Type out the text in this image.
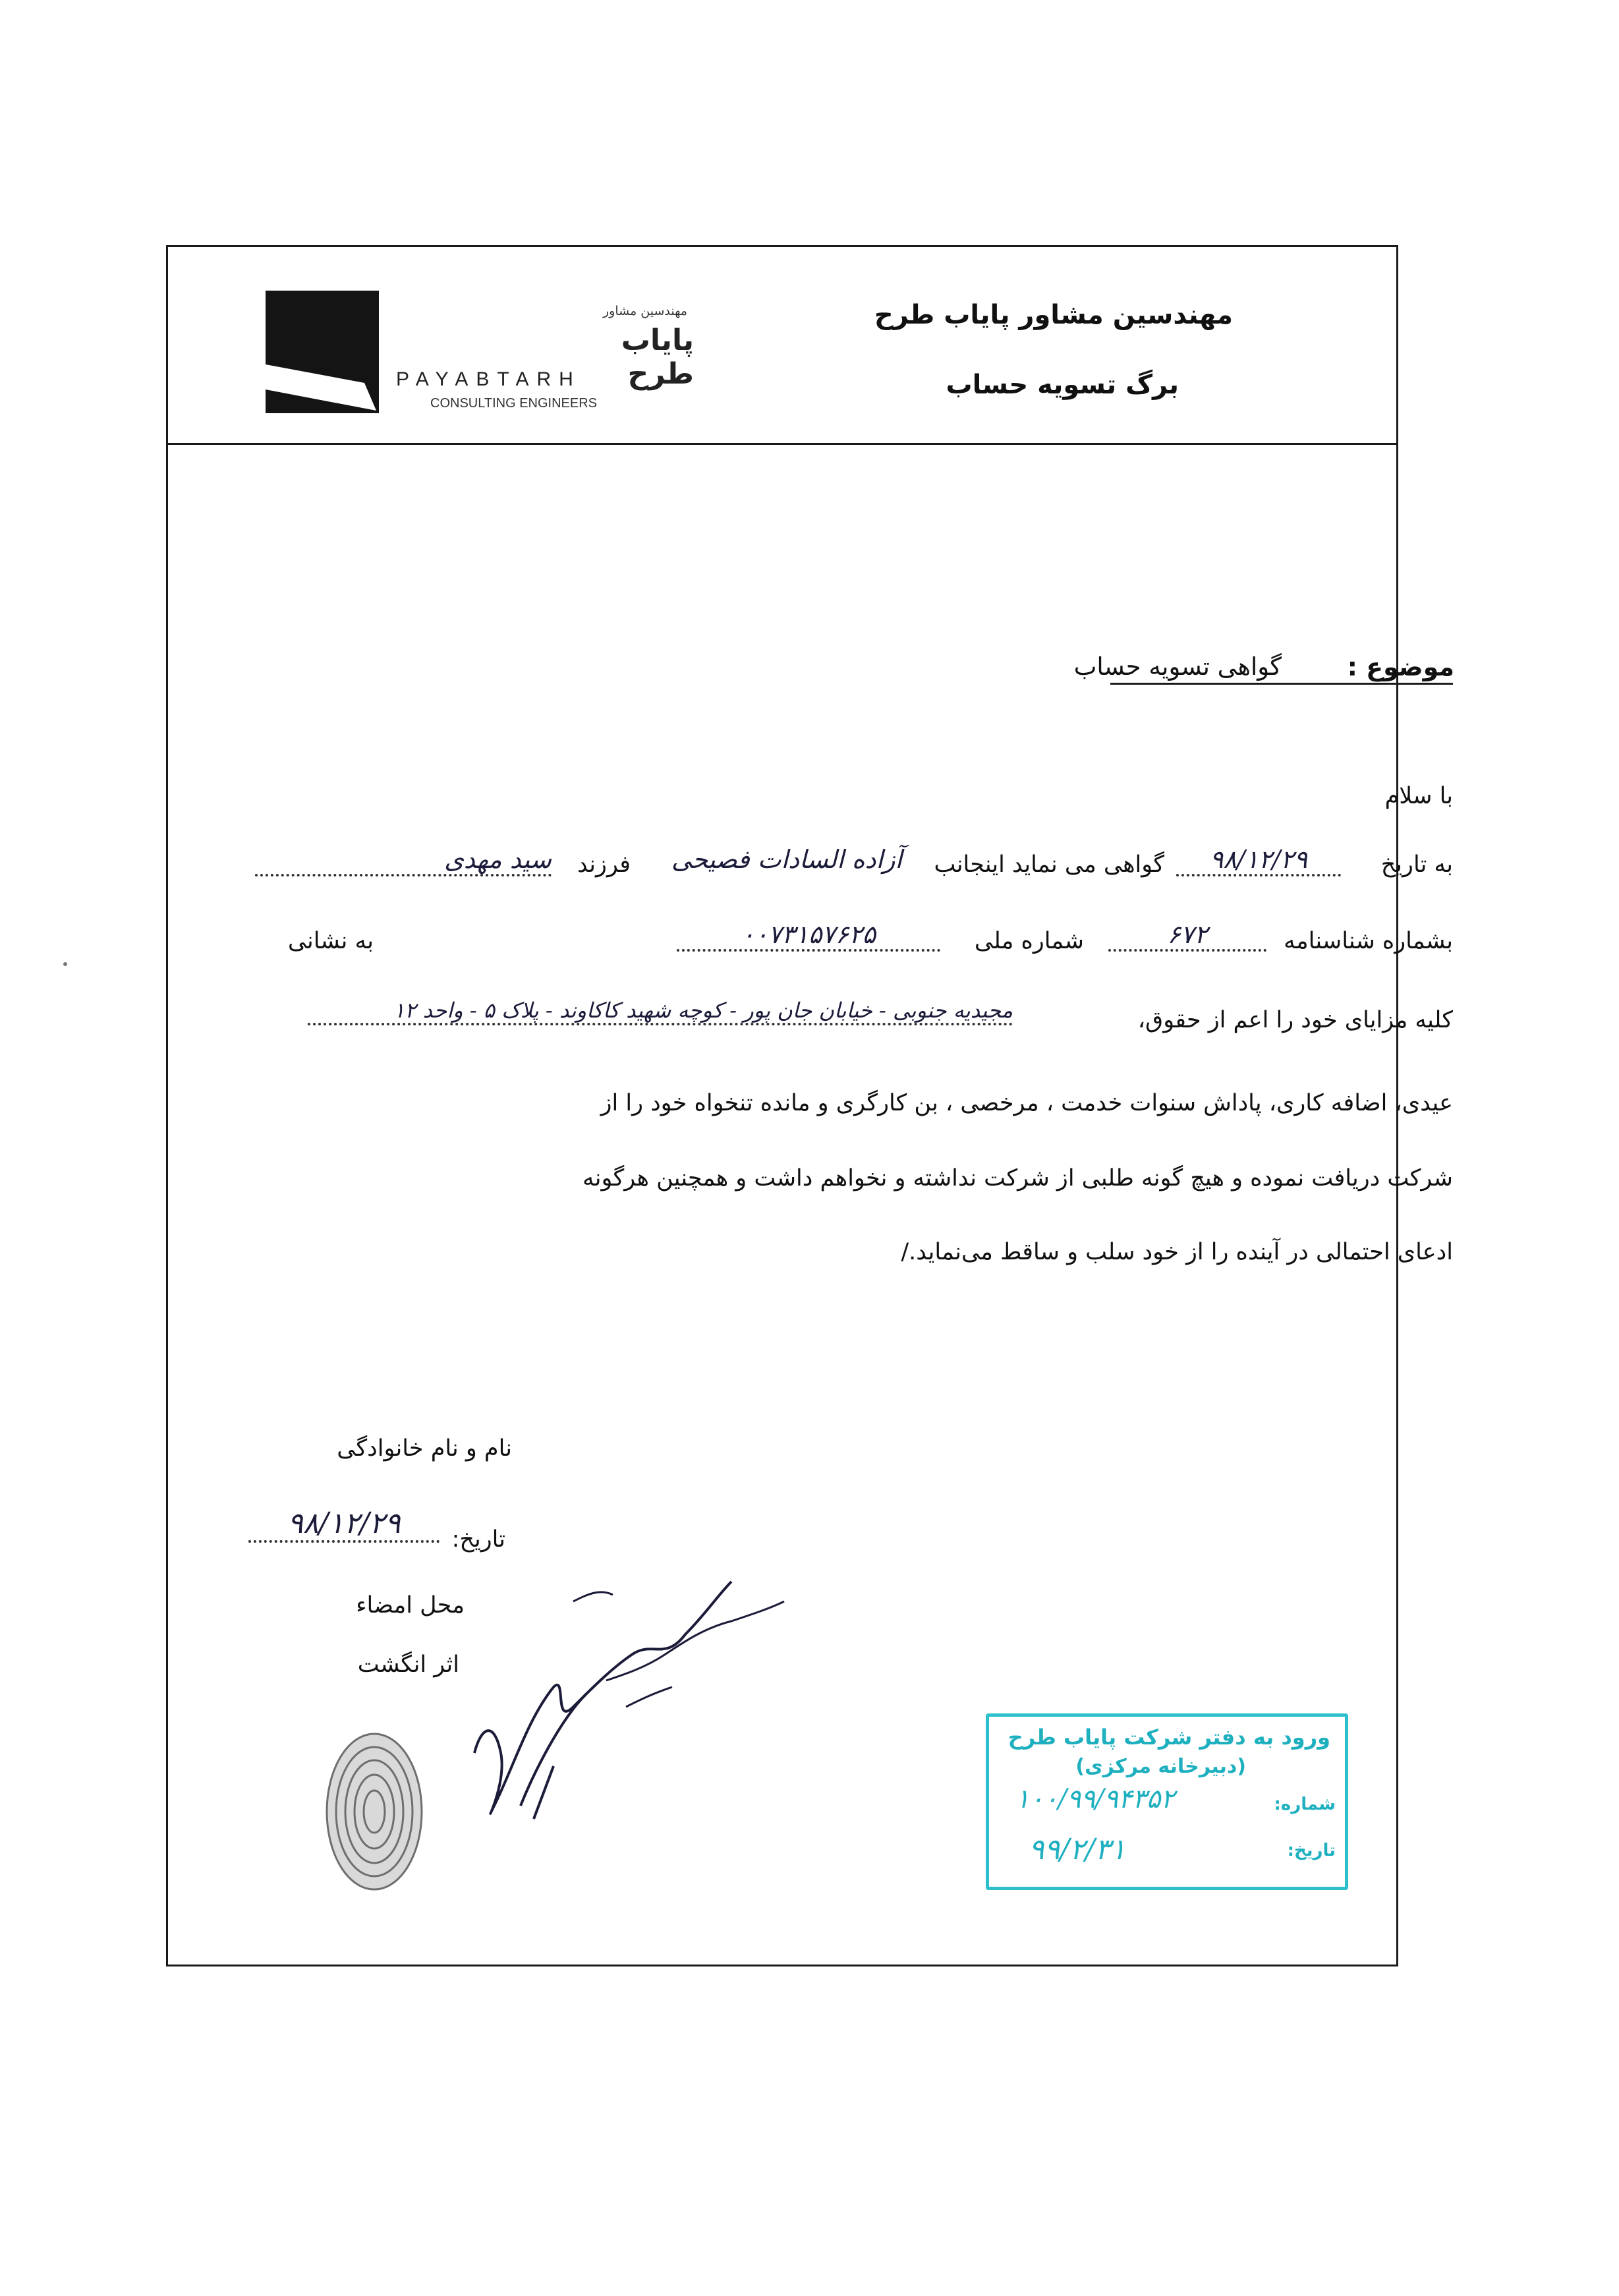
مهندسین مشاور پایاب طرح
برگ تسویه حساب
مهندسین مشاور
پایاب طرح
PAYABTARH
CONSULTING ENGINEERS
موضوع :
گواهی تسویه حساب
با سلام
به تاریخ
۹۸/۱۲/۲۹
گواهی می نماید اینجانب
آزاده السادات فصیحی
فرزند
سید مهدی
بشماره شناسنامه
۶۷۲
شماره ملی
۰۰۷۳۱۵۷۶۲۵
به نشانی
کلیه مزایای خود را اعم از حقوق،
مجیدیه جنوبی - خیابان جان پور - کوچه شهید کاکاوند - پلاک ۵ - واحد ۱۲
عیدی، اضافه کاری، پاداش سنوات خدمت ، مرخصی ، بن کارگری و مانده تنخواه خود را از
شرکت دریافت نموده و هیچ گونه طلبی از شرکت نداشته و نخواهم داشت و همچنین هرگونه
ادعای احتمالی در آینده را از خود سلب و ساقط می‌نماید./
نام و نام خانوادگی
تاریخ:
۹۸/۱۲/۲۹
محل امضاء
اثر انگشت
ورود به دفتر شرکت پایاب طرح
(دبیرخانه مرکزی)
شماره:
۱۰۰/۹۹/۹۴۳۵۲
تاریخ:
۹۹/۲/۳۱
